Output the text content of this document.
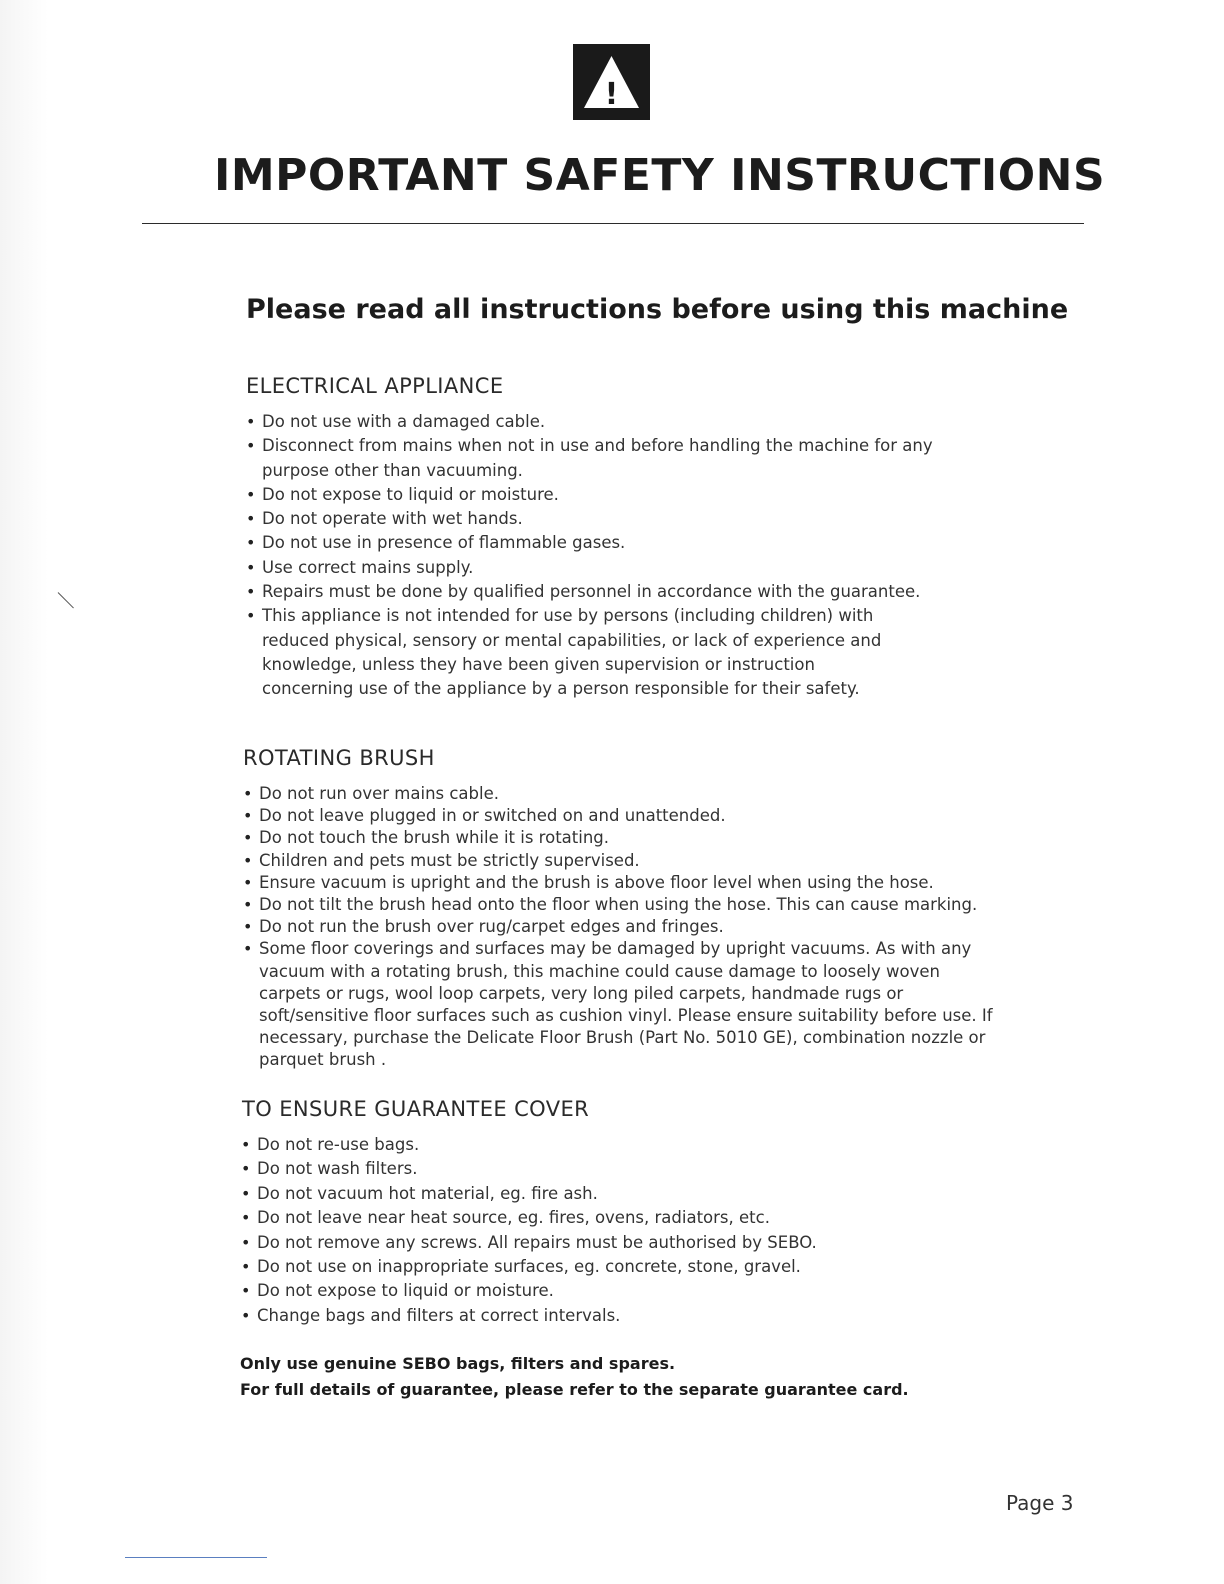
!
IMPORTANT SAFETY INSTRUCTIONS
Please read all instructions before using this machine
ELECTRICAL APPLIANCE
• Do not use with a damaged cable.
• Disconnect from mains when not in use and before handling the machine for any purpose other than vacuuming.
• Do not expose to liquid or moisture.
• Do not operate with wet hands.
• Do not use in presence of flammable gases.
• Use correct mains supply.
• Repairs must be done by qualified personnel in accordance with the guarantee.
• This appliance is not intended for use by persons (including children) with reduced physical, sensory or mental capabilities, or lack of experience and knowledge, unless they have been given supervision or instruction concerning use of the appliance by a person responsible for their safety.
ROTATING BRUSH
• Do not run over mains cable.
• Do not leave plugged in or switched on and unattended.
• Do not touch the brush while it is rotating.
• Children and pets must be strictly supervised.
• Ensure vacuum is upright and the brush is above floor level when using the hose.
• Do not tilt the brush head onto the floor when using the hose. This can cause marking.
• Do not run the brush over rug/carpet edges and fringes.
• Some floor coverings and surfaces may be damaged by upright vacuums. As with any vacuum with a rotating brush, this machine could cause damage to loosely woven carpets or rugs, wool loop carpets, very long piled carpets, handmade rugs or soft/sensitive floor surfaces such as cushion vinyl. Please ensure suitability before use. If necessary, purchase the Delicate Floor Brush (Part No. 5010 GE), combination nozzle or parquet brush .
TO ENSURE GUARANTEE COVER
• Do not re-use bags.
• Do not wash filters.
• Do not vacuum hot material, eg. fire ash.
• Do not leave near heat source, eg. fires, ovens, radiators, etc.
• Do not remove any screws. All repairs must be authorised by SEBO.
• Do not use on inappropriate surfaces, eg. concrete, stone, gravel.
• Do not expose to liquid or moisture.
• Change bags and filters at correct intervals.

Only use genuine SEBO bags, filters and spares.

For full details of guarantee, please refer to the separate guarantee card.

Page 3
